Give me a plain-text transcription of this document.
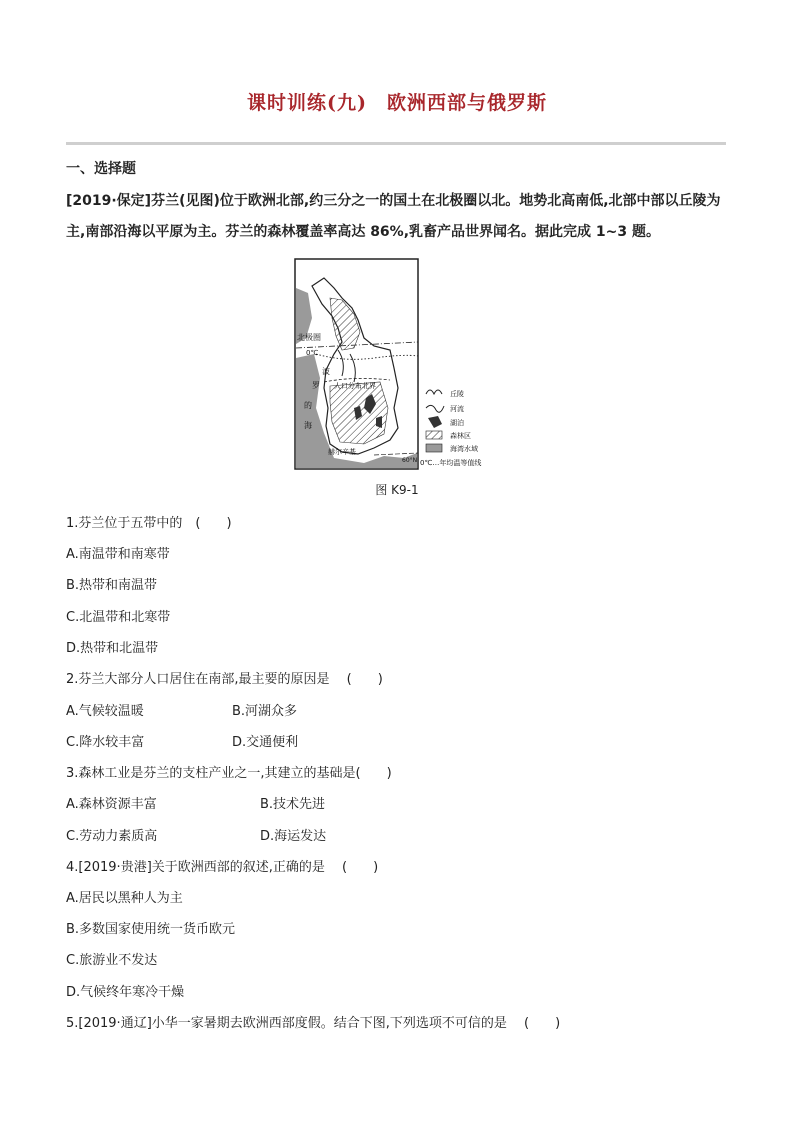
课时训练(九)　欧洲西部与俄罗斯
一、选择题

[2019·保定]芬兰(见图)位于欧洲北部,约三分之一的国土在北极圈以北。地势北高南低,北部中部以丘陵为
主,南部沿海以平原为主。芬兰的森林覆盖率高达 86%,乳畜产品世界闻名。据此完成 1~3 题。

北极圈
0℃
波
罗
的
海
人口分布北界
赫尔辛基
60°N
丘陵
河流
湖泊
森林区
海湾水域
0℃…年均温等值线
图 K9-1
1.芬兰位于五带中的　(　　)
A.南温带和南寒带
B.热带和南温带
C.北温带和北寒带
D.热带和北温带
2.芬兰大部分人口居住在南部,最主要的原因是　 (　　)
A.气候较温暖	B.河湖众多
C.降水较丰富	D.交通便利
3.森林工业是芬兰的支柱产业之一,其建立的基础是(　　)
A.森林资源丰富	B.技术先进
C.劳动力素质高	D.海运发达
4.[2019·贵港]关于欧洲西部的叙述,正确的是　 (　　)
A.居民以黑种人为主
B.多数国家使用统一货币欧元
C.旅游业不发达
D.气候终年寒冷干燥
5.[2019·通辽]小华一家暑期去欧洲西部度假。结合下图,下列选项不可信的是　 (　　)
